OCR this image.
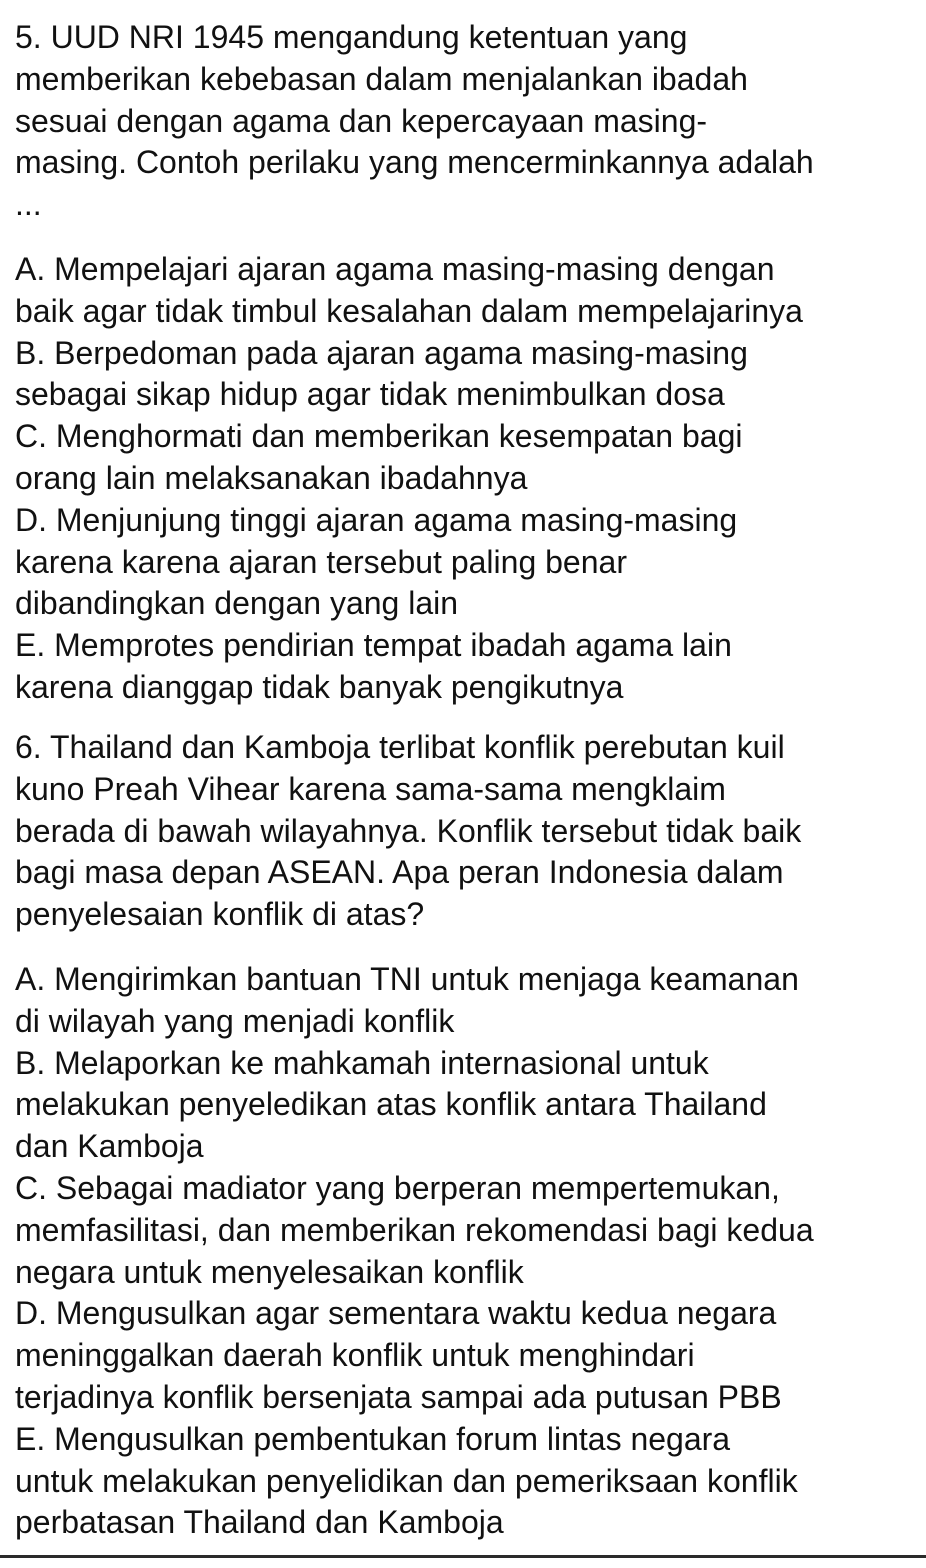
5. UUD NRI 1945 mengandung ketentuan yang
memberikan kebebasan dalam menjalankan ibadah
sesuai dengan agama dan kepercayaan masing-
masing. Contoh perilaku yang mencerminkannya adalah
...
A. Mempelajari ajaran agama masing-masing dengan
baik agar tidak timbul kesalahan dalam mempelajarinya
B. Berpedoman pada ajaran agama masing-masing
sebagai sikap hidup agar tidak menimbulkan dosa
C. Menghormati dan memberikan kesempatan bagi
orang lain melaksanakan ibadahnya
D. Menjunjung tinggi ajaran agama masing-masing
karena karena ajaran tersebut paling benar
dibandingkan dengan yang lain
E. Memprotes pendirian tempat ibadah agama lain
karena dianggap tidak banyak pengikutnya
6. Thailand dan Kamboja terlibat konflik perebutan kuil
kuno Preah Vihear karena sama-sama mengklaim
berada di bawah wilayahnya. Konflik tersebut tidak baik
bagi masa depan ASEAN. Apa peran Indonesia dalam
penyelesaian konflik di atas?
A. Mengirimkan bantuan TNI untuk menjaga keamanan
di wilayah yang menjadi konflik
B. Melaporkan ke mahkamah internasional untuk
melakukan penyeledikan atas konflik antara Thailand
dan Kamboja
C. Sebagai madiator yang berperan mempertemukan,
memfasilitasi, dan memberikan rekomendasi bagi kedua
negara untuk menyelesaikan konflik
D. Mengusulkan agar sementara waktu kedua negara
meninggalkan daerah konflik untuk menghindari
terjadinya konflik bersenjata sampai ada putusan PBB
E. Mengusulkan pembentukan forum lintas negara
untuk melakukan penyelidikan dan pemeriksaan konflik
perbatasan Thailand dan Kamboja
